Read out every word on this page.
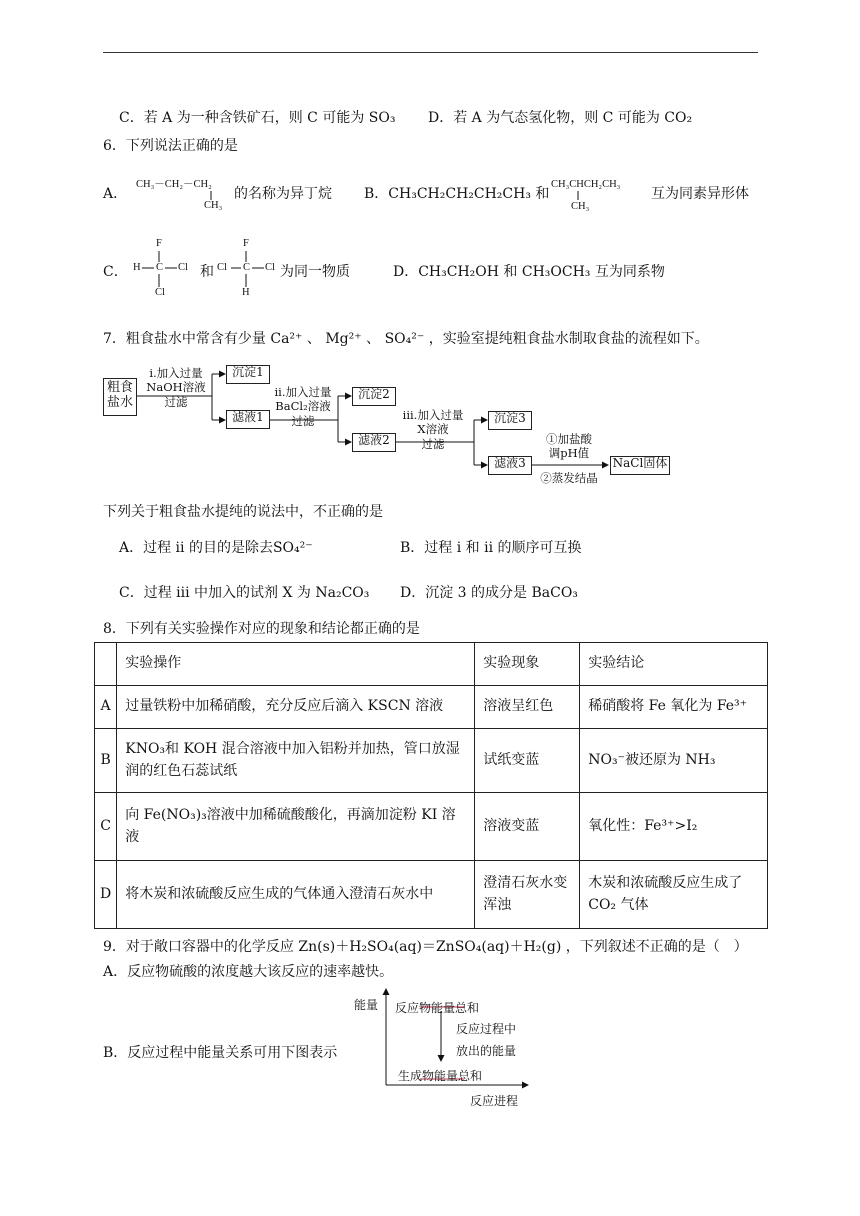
C．若 A 为一种含铁矿石，则 C 可能为 SO₃ D．若 A 为气态氢化物，则 C 可能为 CO₂
6．下列说法正确的是
A．
CH₃－CH₂－CH₂
CH₃
的名称为异丁烷 B．CH₃CH₂CH₂CH₂CH₃ 和
CH₃CHCH₂CH₃
CH₃
互为同素异形体
C．
F
H C Cl
Cl
和
F
Cl C Cl
H
为同一物质	D．CH₃CH₂OH 和 CH₃OCH₃ 互为同系物
7．粗食盐水中常含有少量 Ca²⁺ 、 Mg²⁺ 、 SO₄²⁻ ，实验室提纯粗食盐水制取食盐的流程如下。
粗食盐水
i.加入过量
NaOH溶液
过滤
沉淀1
滤液1
ii.加入过量
BaCl₂溶液
过滤
沉淀2
滤液2
iii.加入过量
X溶液
过滤
沉淀3
滤液3
①加盐酸
调pH值
②蒸发结晶
NaCl固体
下列关于粗食盐水提纯的说法中，不正确的是
A．过程 ii 的目的是除去SO₄²⁻	B．过程 i 和 ii 的顺序可互换
C．过程 iii 中加入的试剂 X 为 Na₂CO₃ D．沉淀 3 的成分是 BaCO₃
8．下列有关实验操作对应的现象和结论都正确的是
	实验操作	实验现象	实验结论
A	过量铁粉中加稀硝酸，充分反应后滴入 KSCN 溶液	溶液呈红色	稀硝酸将 Fe 氧化为 Fe³⁺
B	KNO₃和 KOH 混合溶液中加入铝粉并加热，管口放湿润的红色石蕊试纸	试纸变蓝	NO₃⁻被还原为 NH₃
C	向 Fe(NO₃)₃溶液中加稀硫酸酸化，再滴加淀粉 KI 溶液	溶液变蓝	氧化性：Fe³⁺>I₂
D	将木炭和浓硫酸反应生成的气体通入澄清石灰水中	澄清石灰水变浑浊	木炭和浓硫酸反应生成了 CO₂ 气体
9．对于敞口容器中的化学反应 Zn(s)＋H₂SO₄(aq)＝ZnSO₄(aq)＋H₂(g) ，下列叙述不正确的是（　）
A．反应物硫酸的浓度越大该反应的速率越快。
B．反应过程中能量关系可用下图表示
能量 反应物能量总和
反应过程中
放出的能量
生成物能量总和
反应进程
